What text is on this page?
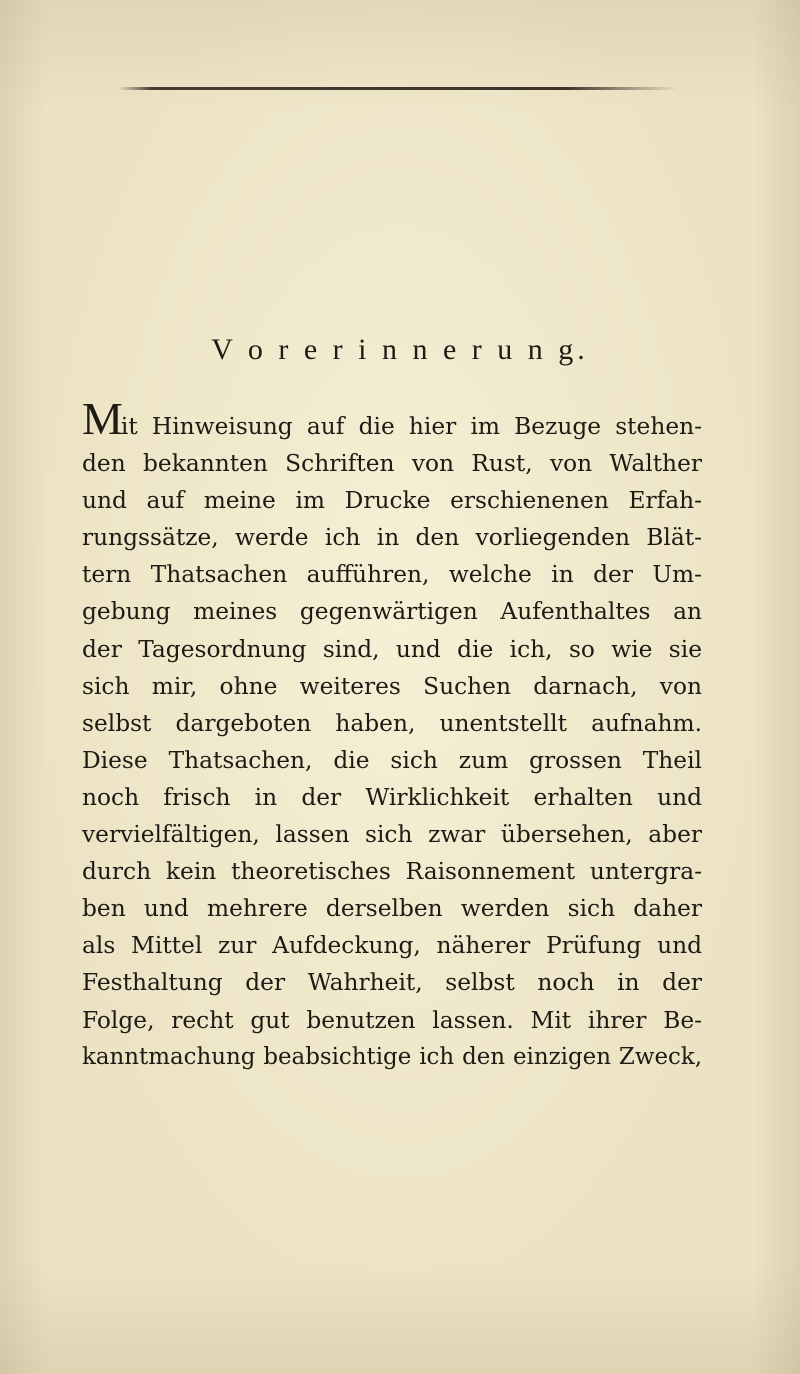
V o r e r i n n e r u n g.
Mit Hinweisung auf die hier im Bezuge stehen-
den bekannten Schriften von Rust, von Walther
und auf meine im Drucke erschienenen Erfah-
rungssätze, werde ich in den vorliegenden Blät-
tern Thatsachen aufführen, welche in der Um-
gebung meines gegenwärtigen Aufenthaltes an
der Tagesordnung sind, und die ich, so wie sie
sich mir, ohne weiteres Suchen darnach, von
selbst dargeboten haben, unentstellt aufnahm.
Diese Thatsachen, die sich zum grossen Theil
noch frisch in der Wirklichkeit erhalten und
vervielfältigen, lassen sich zwar übersehen, aber
durch kein theoretisches Raisonnement untergra-
ben und mehrere derselben werden sich daher
als Mittel zur Aufdeckung, näherer Prüfung und
Festhaltung der Wahrheit, selbst noch in der
Folge, recht gut benutzen lassen. Mit ihrer Be-
kanntmachung beabsichtige ich den einzigen Zweck,
